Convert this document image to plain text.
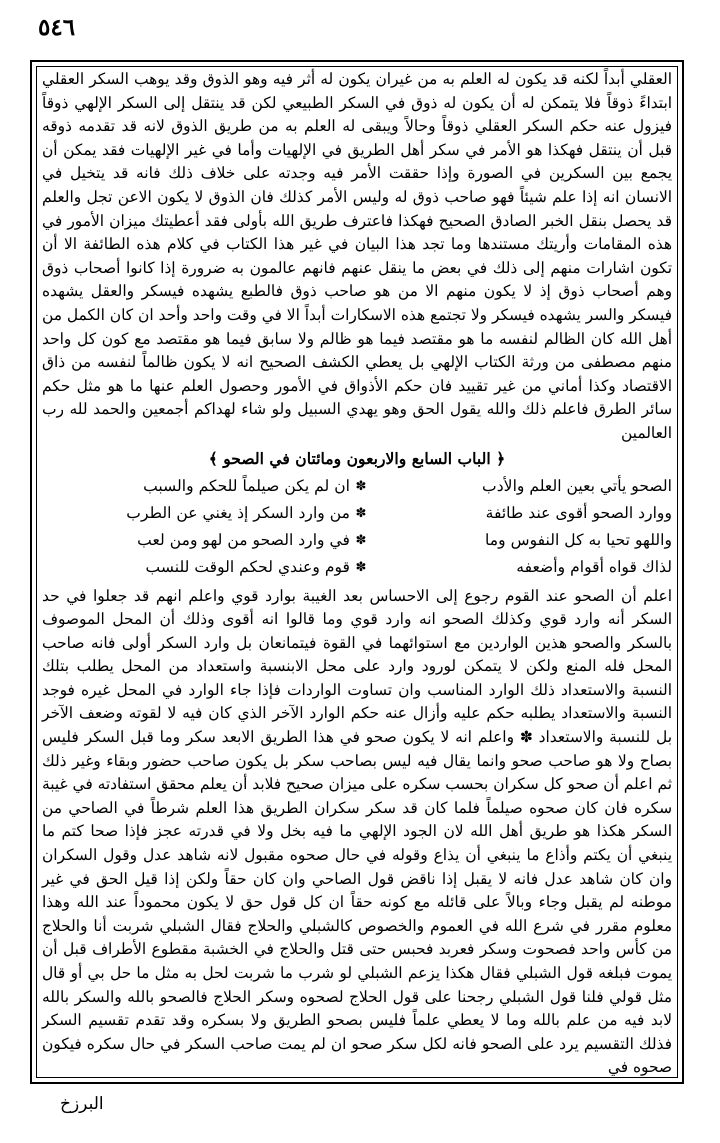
٥٤٦

العقلي أبداً لكنه قد يكون له العلم به من غيران يكون له أثر فيه وهو الذوق وقد يوهب السكر العقلي ابتداءً ذوقاً فلا يتمكن له أن يكون له ذوق في السكر الطبيعي لكن قد ينتقل إلى السكر الإلهي ذوقاً فيزول عنه حكم السكر العقلي ذوقاً وحالاً ويبقى له العلم به من طريق الذوق لانه قد تقدمه ذوقه قبل أن ينتقل فهكذا هو الأمر في سكر أهل الطريق في الإلهيات وأما في غير الإلهيات فقد يمكن أن يجمع بين السكرين في الصورة وإذا حققت الأمر فيه وجدته على خلاف ذلك فانه قد يتخيل في الانسان انه إذا علم شيئاً فهو صاحب ذوق له وليس الأمر كذلك فان الذوق لا يكون الاعن تجل والعلم قد يحصل بنقل الخبر الصادق الصحيح فهكذا فاعترف طريق الله بأولى فقد أعطيتك ميزان الأمور في هذه المقامات وأريتك مستندها وما تجد هذا البيان في غير هذا الكتاب في كلام هذه الطائفة الا أن تكون اشارات منهم إلى ذلك في بعض ما ينقل عنهم فانهم عالمون به ضرورة إذا كانوا أصحاب ذوق وهم أصحاب ذوق إذ لا يكون منهم الا من هو صاحب ذوق فالطبع يشهده فيسكر والعقل يشهده فيسكر والسر يشهده فيسكر ولا تجتمع هذه الاسكارات أبداً الا في وقت واحد وأحد ان كان الكمل من أهل الله كان الظالم لنفسه ما هو مقتصد فيما هو ظالم ولا سابق فيما هو مقتصد مع كون كل واحد منهم مصطفى من ورثة الكتاب الإلهي بل يعطي الكشف الصحيح انه لا يكون ظالماً لنفسه من ذاق الاقتصاد وكذا أماني من غير تقييد فان حكم الأذواق في الأمور وحصول العلم عنها ما هو مثل حكم سائر الطرق فاعلم ذلك والله يقول الحق وهو يهدي السبيل ولو شاء لهداكم أجمعين والحمد لله رب العالمين

﴿ الباب السابع والاربعون ومائتان في الصحو ﴾
الصحو يأتي بعين العلم والأدب
✽
ان لم يكن صيلماً للحكم والسبب
ووارد الصحو أقوى عند طائفة
✽
من وارد السكر إذ يغني عن الطرب
واللهو تحيا به كل النفوس وما
✽
في وارد الصحو من لهو ومن لعب
لذاك قواه أقوام وأضعفه
✽
قوم وعندي لحكم الوقت للنسب

اعلم أن الصحو عند القوم رجوع إلى الاحساس بعد الغيبة بوارد قوي واعلم انهم قد جعلوا في حد السكر أنه وارد قوي وكذلك الصحو انه وارد قوي وما قالوا انه أقوى وذلك أن المحل الموصوف بالسكر والصحو هذين الواردين مع استوائهما في القوة فيتمانعان بل وارد السكر أولى فانه صاحب المحل فله المنع ولكن لا يتمكن لورود وارد على محل الابنسبة واستعداد من المحل يطلب بتلك النسبة والاستعداد ذلك الوارد المناسب وان تساوت الواردات فإذا جاء الوارد في المحل غيره فوجد النسبة والاستعداد يطلبه حكم عليه وأزال عنه حكم الوارد الآخر الذي كان فيه لا لقوته وضعف الآخر بل للنسبة والاستعداد ✽ واعلم انه لا يكون صحو في هذا الطريق الابعد سكر وما قبل السكر فليس بصاح ولا هو صاحب صحو وانما يقال فيه ليس بصاحب سكر بل يكون صاحب حضور وبقاء وغير ذلك ثم اعلم أن صحو كل سكران بحسب سكره على ميزان صحيح فلابد أن يعلم محقق استفادته في غيبة سكره فان كان صحوه صيلماً فلما كان قد سكر سكران الطريق هذا العلم شرطاً في الصاحي من السكر هكذا هو طريق أهل الله لان الجود الإلهي ما فيه بخل ولا في قدرته عجز فإذا صحا كتم ما ينبغي أن يكتم وأذاع ما ينبغي أن يذاع وقوله في حال صحوه مقبول لانه شاهد عدل وقول السكران وان كان شاهد عدل فانه لا يقبل إذا ناقض قول الصاحي وان كان حقاً ولكن إذا قيل الحق في غير موطنه لم يقبل وجاء وبالاً على قائله مع كونه حقاً ان كل قول حق لا يكون محموداً عند الله وهذا معلوم مقرر في شرع الله في العموم والخصوص كالشبلي والحلاج فقال الشبلي شربت أنا والحلاج من كأس واحد فصحوت وسكر فعربد فحبس حتى قتل والحلاج في الخشبة مقطوع الأطراف قبل أن يموت فبلغه قول الشبلي فقال هكذا يزعم الشبلي لو شرب ما شربت لحل به مثل ما حل بي أو قال مثل قولي فلنا قول الشبلي رجحنا على قول الحلاج لصحوه وسكر الحلاج فالصحو بالله والسكر بالله لابد فيه من علم بالله وما لا يعطي علماً فليس بصحو الطريق ولا بسكره وقد تقدم تقسيم السكر فذلك التقسيم يرد على الصحو فانه لكل سكر صحو ان لم يمت صاحب السكر في حال سكره فيكون صحوه في

البرزخ
